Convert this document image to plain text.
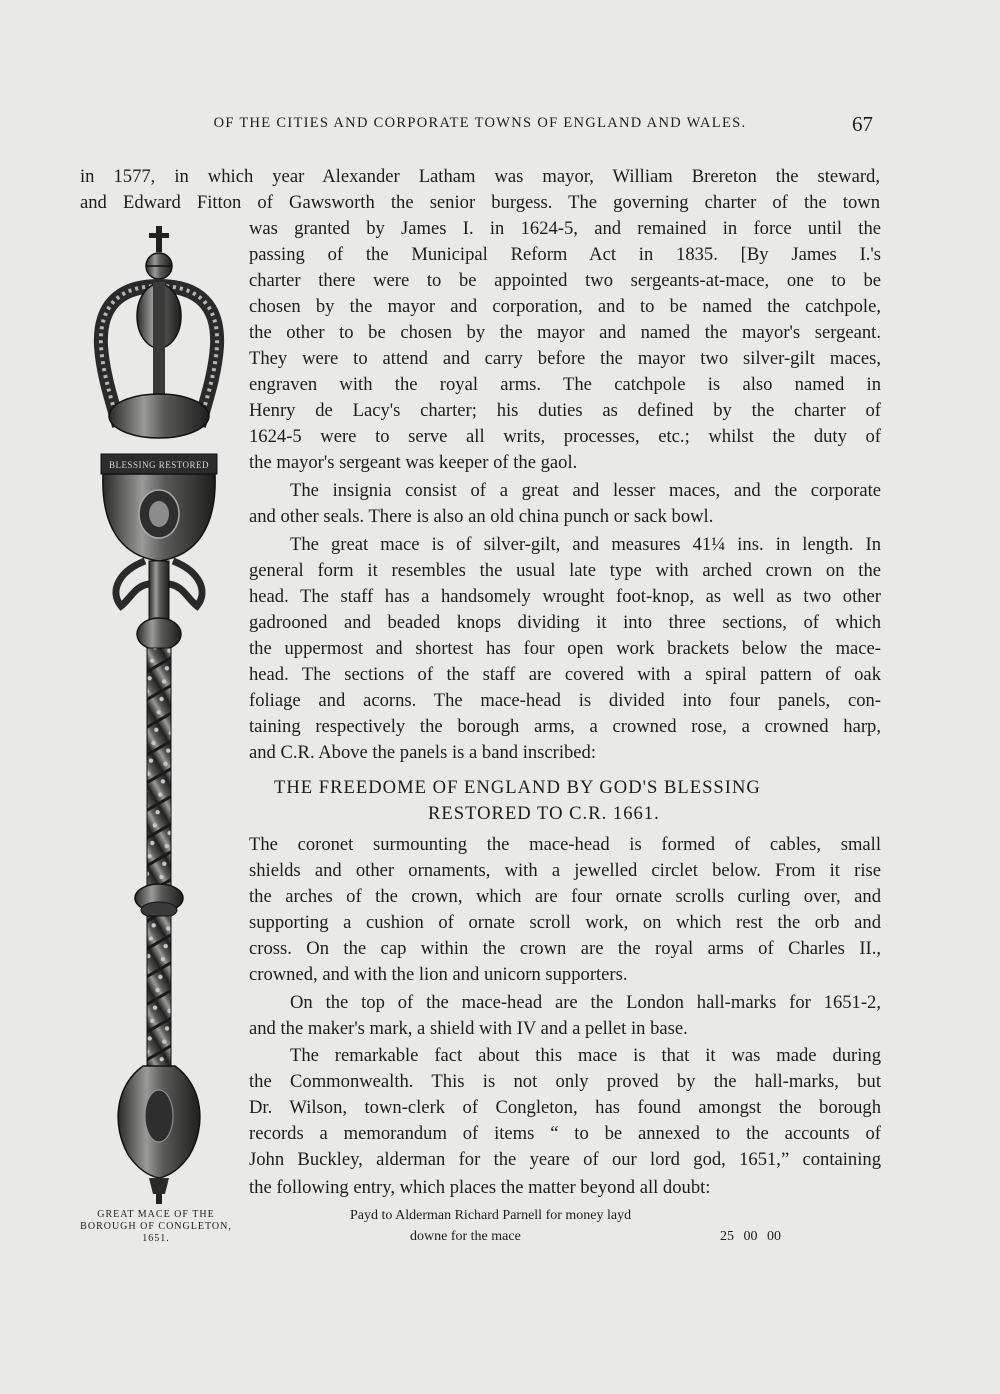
OF THE CITIES AND CORPORATE TOWNS OF ENGLAND AND WALES.	67
in 1577, in which year Alexander Latham was mayor, William Brereton the steward,
and Edward Fitton of Gawsworth the senior burgess. The governing charter of the town
was granted by James I. in 1624-5, and remained in force until the
passing of the Municipal Reform Act in 1835. [By James I.'s
charter there were to be appointed two sergeants-at-mace, one to be
chosen by the mayor and corporation, and to be named the catchpole,
the other to be chosen by the mayor and named the mayor's sergeant.
They were to attend and carry before the mayor two silver-gilt maces,
engraven with the royal arms. The catchpole is also named in
Henry de Lacy's charter; his duties as defined by the charter of
1624-5 were to serve all writs, processes, etc.; whilst the duty of
the mayor's sergeant was keeper of the gaol.
The insignia consist of a great and lesser maces, and the corporate
and other seals. There is also an old china punch or sack bowl.
The great mace is of silver-gilt, and measures 41¼ ins. in length. In
general form it resembles the usual late type with arched crown on the
head. The staff has a handsomely wrought foot-knop, as well as two other
gadrooned and beaded knops dividing it into three sections, of which
the uppermost and shortest has four open work brackets below the mace-
head. The sections of the staff are covered with a spiral pattern of oak
foliage and acorns. The mace-head is divided into four panels, con-
taining respectively the borough arms, a crowned rose, a crowned harp,
and C.R. Above the panels is a band inscribed:
THE FREEDOME OF ENGLAND BY GOD'S BLESSING
RESTORED TO C.R. 1661.
The coronet surmounting the mace-head is formed of cables, small
shields and other ornaments, with a jewelled circlet below. From it rise
the arches of the crown, which are four ornate scrolls curling over, and
supporting a cushion of ornate scroll work, on which rest the orb and
cross. On the cap within the crown are the royal arms of Charles II.,
crowned, and with the lion and unicorn supporters.
On the top of the mace-head are the London hall-marks for 1651-2,
and the maker's mark, a shield with IV and a pellet in base.
The remarkable fact about this mace is that it was made during
the Commonwealth. This is not only proved by the hall-marks, but
Dr. Wilson, town-clerk of Congleton, has found amongst the borough
records a memorandum of items “ to be annexed to the accounts of
John Buckley, alderman for the yeare of our lord god, 1651,” containing
the following entry, which places the matter beyond all doubt:
Payd to Alderman Richard Parnell for money layd
downe for the mace	25 00 00
BLESSING RESTORED
GREAT MACE OF THE
BOROUGH OF CONGLETON,
1651.
